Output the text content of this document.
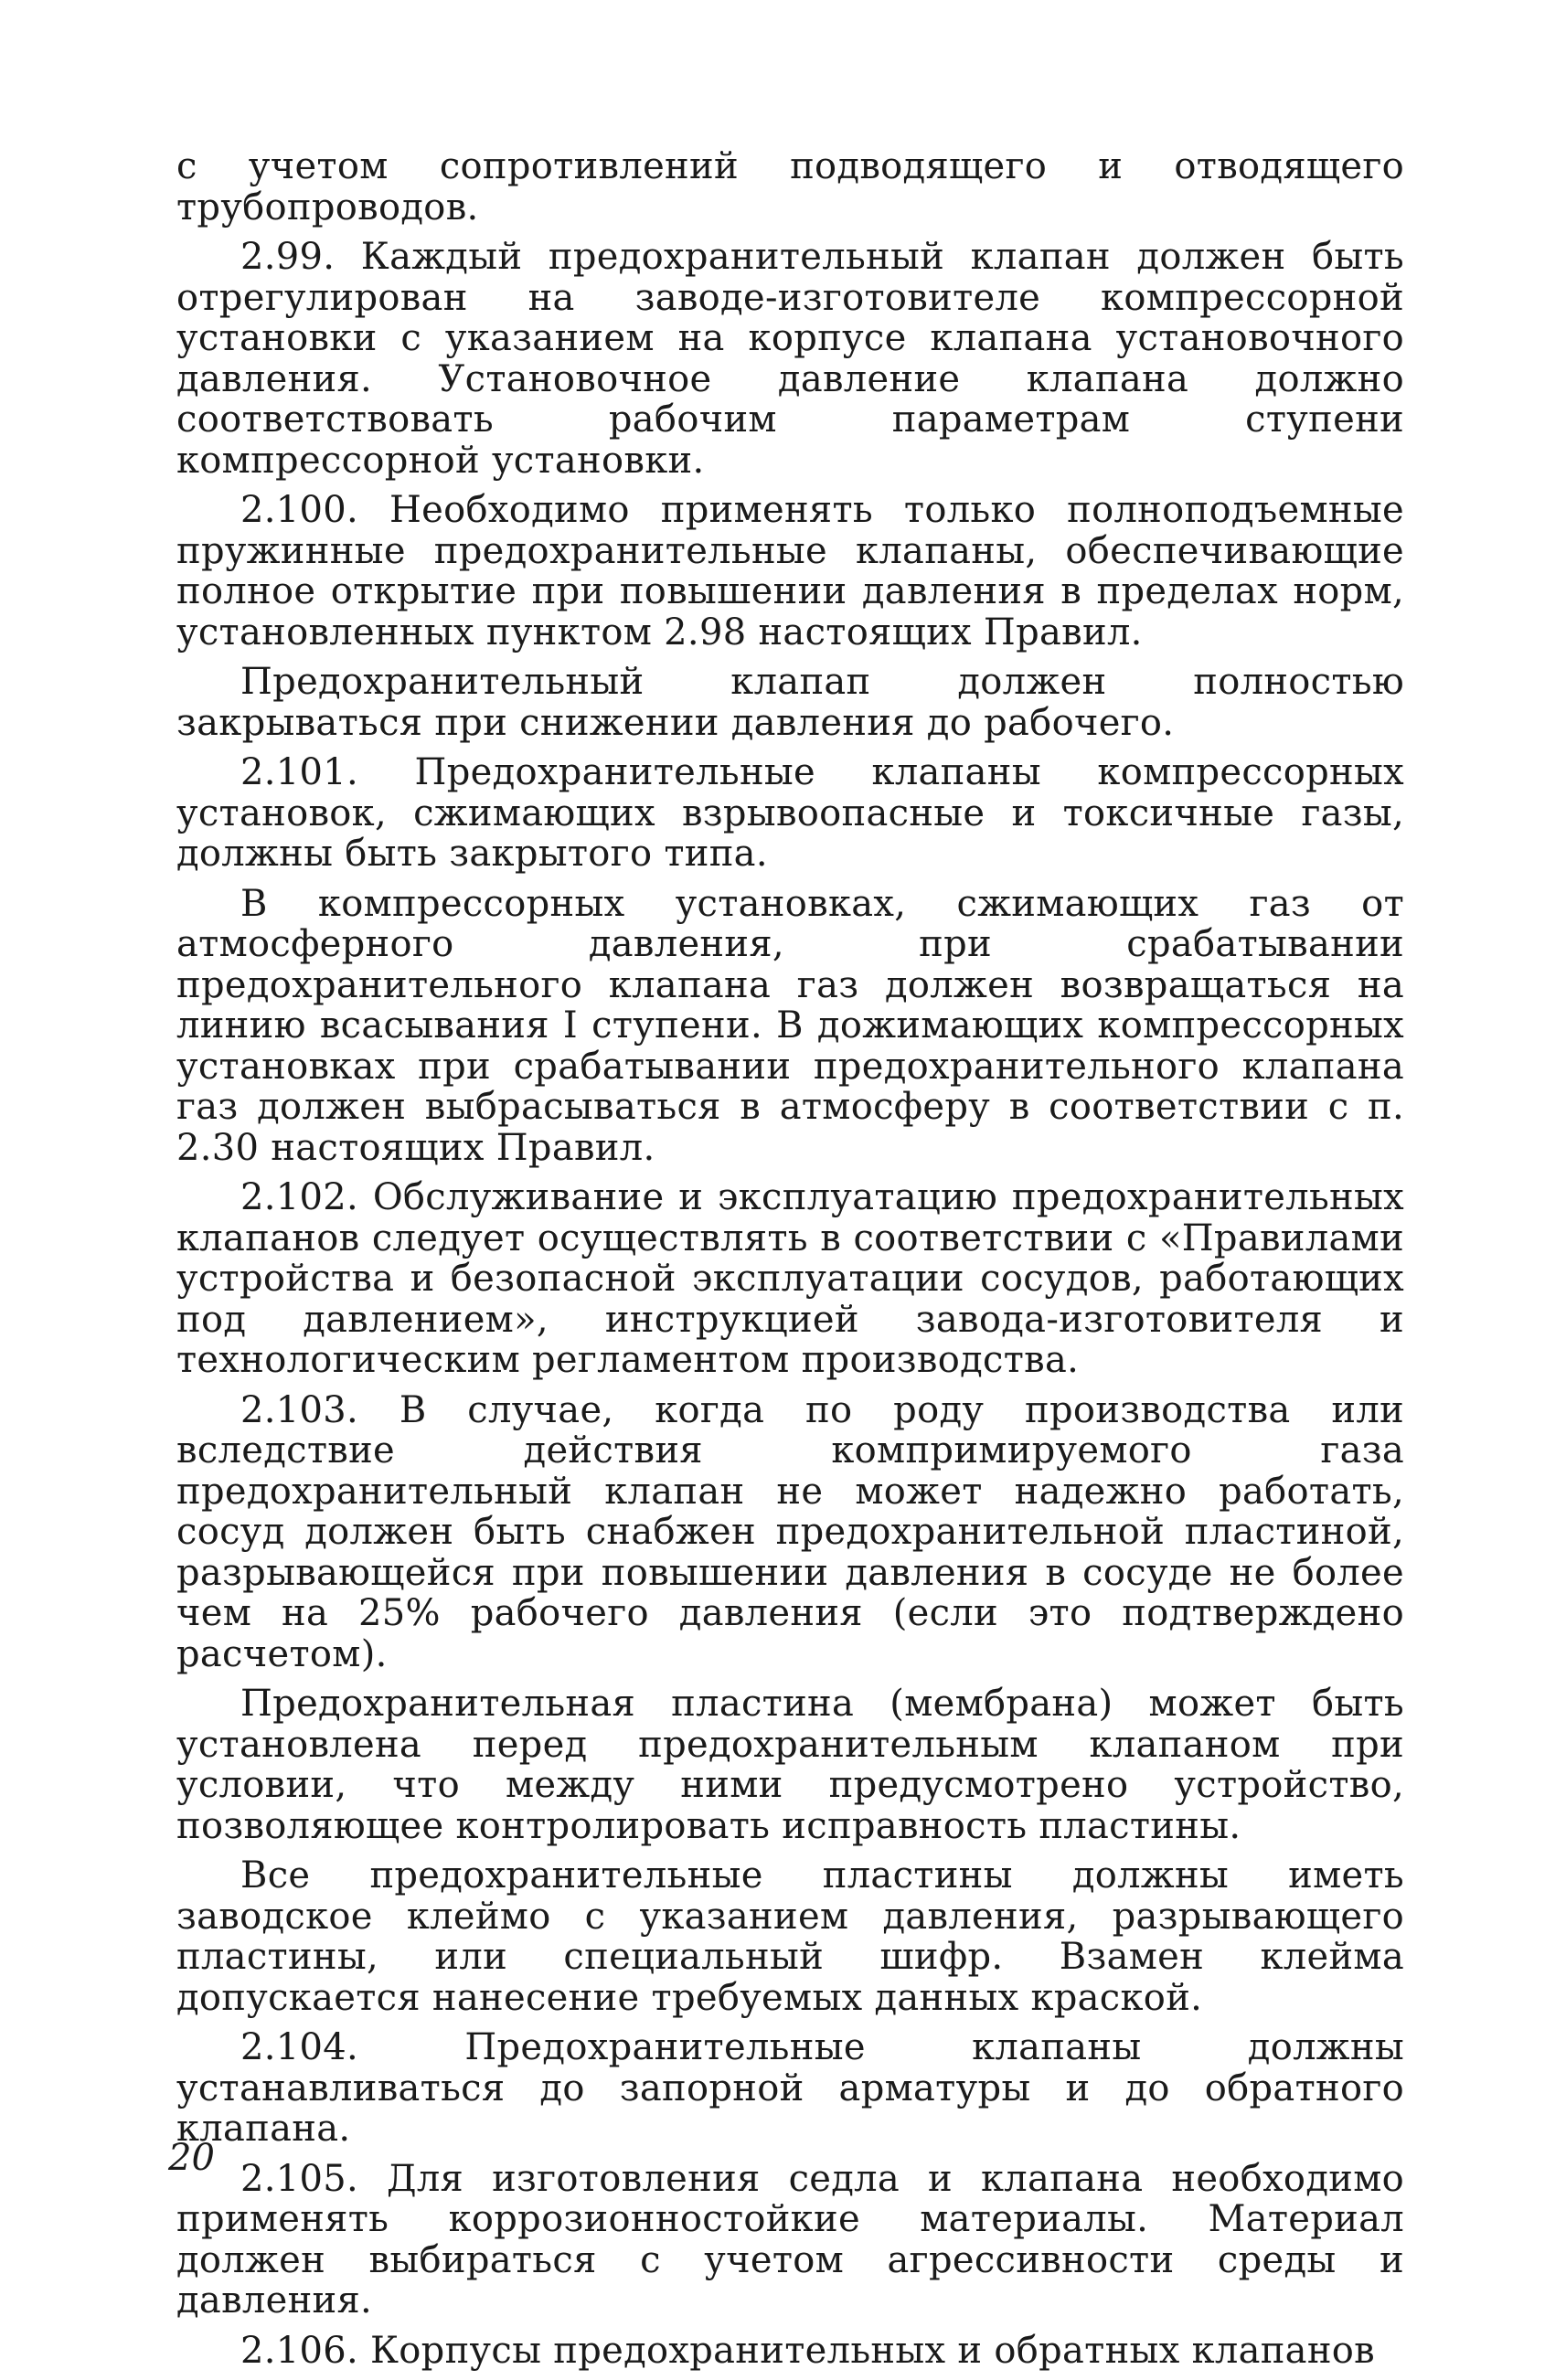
с учетом сопротивлений подводящего и отводящего трубопроводов.

2.99. Каждый предохранительный клапан должен быть отрегулирован на заводе-изготовителе компрессорной установки с указанием на корпусе клапана установочного давления. Установочное давление клапана должно соответствовать рабочим параметрам ступени компрессорной установки.

2.100. Необходимо применять только полноподъемные пружинные предохранительные клапаны, обеспечивающие полное открытие при повышении давления в пределах норм, установленных пунктом 2.98 настоящих Правил.

Предохранительный клапап должен полностью закрываться при снижении давления до рабочего.

2.101. Предохранительные клапаны компрессорных установок, сжимающих взрывоопасные и токсичные газы, должны быть закрытого типа.

В компрессорных установках, сжимающих газ от атмосферного давления, при срабатывании предохранительного клапана газ должен возвращаться на линию всасывания I ступени. В дожимающих компрессорных установках при срабатывании предохранительного клапана газ должен выбрасываться в атмосферу в соответствии с п. 2.30 настоящих Правил.

2.102. Обслуживание и эксплуатацию предохранительных клапанов следует осуществлять в соответствии с «Правилами устройства и безопасной эксплуатации сосудов, работающих под давлением», инструкцией завода-изготовителя и технологическим регламентом производства.

2.103. В случае, когда по роду производства или вследствие действия компримируемого газа предохранительный клапан не может надежно работать, сосуд должен быть снабжен предохранительной пластиной, разрывающейся при повышении давления в сосуде не более чем на 25% рабочего давления (если это подтверждено расчетом).

Предохранительная пластина (мембрана) может быть установлена перед предохранительным клапаном при условии, что между ними предусмотрено устройство, позволяющее контролировать исправность пластины.

Все предохранительные пластины должны иметь заводское клеймо с указанием давления, разрывающего пластины, или специальный шифр. Взамен клейма допускается нанесение требуемых данных краской.

2.104. Предохранительные клапаны должны устанавливаться до запорной арматуры и до обратного клапана.

2.105. Для изготовления седла и клапана необходимо применять коррозионностойкие материалы. Материал должен выбираться с учетом агрессивности среды и давления.

2.106. Корпусы предохранительных и обратных клапанов

20
